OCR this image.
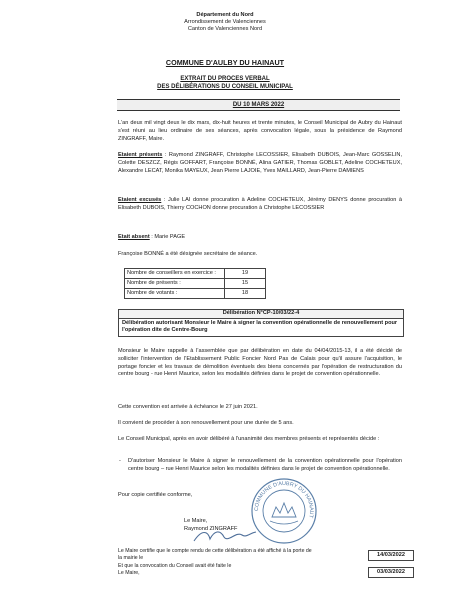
Département du Nord
Arrondissement de Valenciennes
Canton de Valenciennes Nord
COMMUNE D'AULBY DU HAINAUT
EXTRAIT DU PROCES VERBAL
DES DÉLIBÉRATIONS DU CONSEIL MUNICIPAL
DU 10 MARS 2022
L'an deux mil vingt deux le dix mars, dix-huit heures et trente minutes, le Conseil Municipal de Aubry du Hainaut s'est réuni au lieu ordinaire de ses séances, après convocation légale, sous la présidence de Raymond ZINGRAFF, Maire.
Etaient présents : Raymond ZINGRAFF, Christophe LECOSSIER, Elisabeth DUBOIS, Jean-Marc GOSSELIN, Colette DESZCZ, Régis GOFFART, Françoise BONNÉ, Alina GATIER, Thomas GOBLET, Adeline COCHETEUX, Alexandre LECAT, Monika MAYEUX, Jean Pierre LAJOIE, Yves MAILLARD, Jean-Pierre DAMIENS
Etaient excusés : Julie LAI donne procuration à Adeline COCHETEUX, Jérémy DENYS donne procuration à Elisabeth DUBOIS, Thierry COCHON donne procuration à Christophe LECOSSIER
Etait absent : Marie PAGE
Françoise BONNÉ a été désignée secrétaire de séance.
Nombre de conseillers en exercice :	19
Nombre de présents :	15
Nombre de votants :	18
Délibération N°CP-10/03/22-4
Délibération autorisant Monsieur le Maire à signer la convention opérationnelle de renouvellement pour l'opération dite de Centre-Bourg
Monsieur le Maire rappelle à l'assemblée que par délibération en date du 04/04/2015-13, il a été décidé de solliciter l'intervention de l'Etablissement Public Foncier Nord Pas de Calais pour qu'il assure l'acquisition, le portage foncier et les travaux de démolition éventuels des biens concernés par l'opération de restructuration du centre bourg - rue Henri Maurice, selon les modalités définies dans le projet de convention opérationnelle.
Cette convention est arrivée à échéance le 27 juin 2021.
Il convient de procéder à son renouvellement pour une durée de 5 ans.
Le Conseil Municipal, après en avoir délibéré à l'unanimité des membres présents et représentés décide :
- D'autoriser Monsieur le Maire à signer le renouvellement de la convention opérationnelle pour l'opération centre bourg – rue Henri Maurice selon les modalités définies dans le projet de convention opérationnelle.
Pour copie certifiée conforme,
Le Maire,
Raymond ZINGRAFF
COMMUNE D'AUBRY DU HAINAUT
Le Maire certifie que le compte rendu de cette délibération a été affiché à la porte de la mairie le
Et que la convocation du Conseil avait été faite le
Le Maire,
14/03/2022
03/03/2022
